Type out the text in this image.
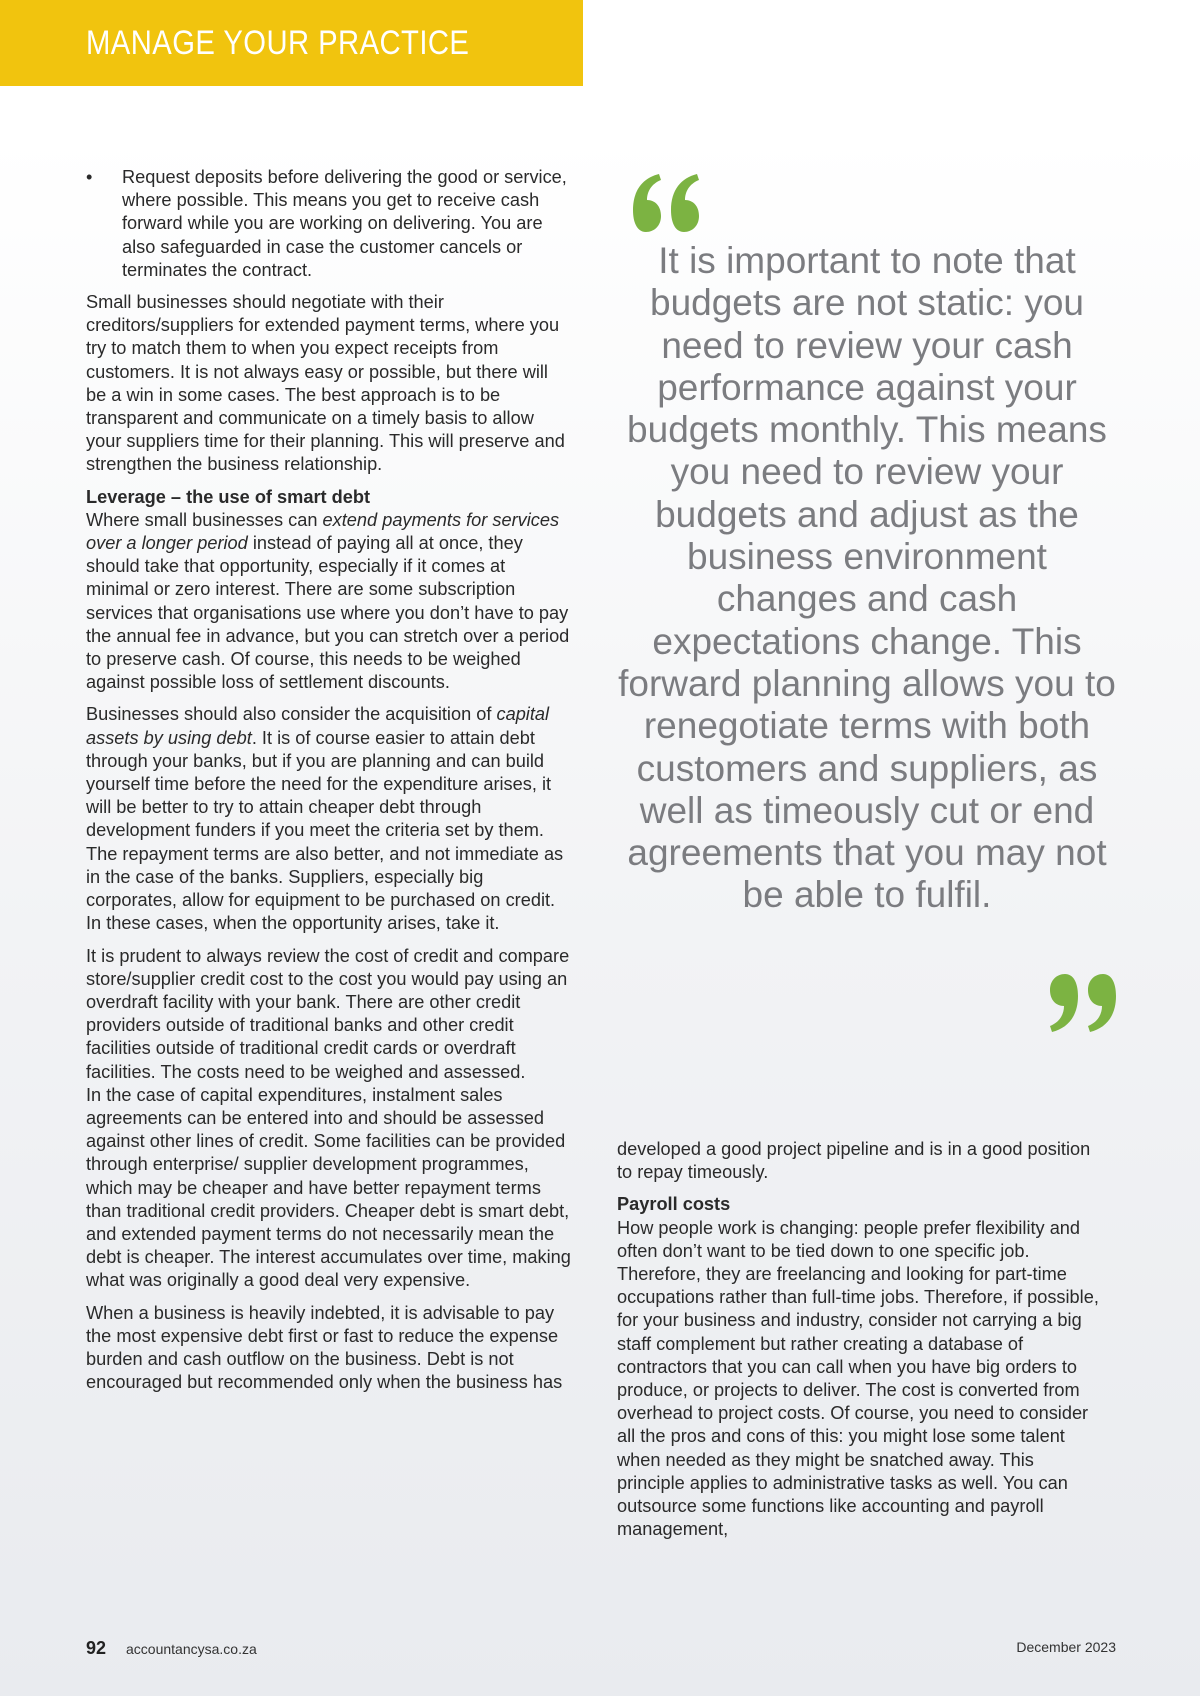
MANAGE YOUR PRACTICE
• Request deposits before delivering the good or service, where possible. This means you get to receive cash forward while you are working on delivering. You are also safeguarded in case the customer cancels or terminates the contract.

Small businesses should negotiate with their creditors/suppliers for extended payment terms, where you try to match them to when you expect receipts from customers. It is not always easy or possible, but there will be a win in some cases. The best approach is to be transparent and communicate on a timely basis to allow your suppliers time for their planning. This will preserve and strengthen the business relationship.

Leverage – the use of smart debt

Where small businesses can extend payments for services over a longer period instead of paying all at once, they should take that opportunity, especially if it comes at minimal or zero interest. There are some subscription services that organisations use where you don’t have to pay the annual fee in advance, but you can stretch over a period to preserve cash. Of course, this needs to be weighed against possible loss of settlement discounts.

Businesses should also consider the acquisition of capital assets by using debt. It is of course easier to attain debt through your banks, but if you are planning and can build yourself time before the need for the expenditure arises, it will be better to try to attain cheaper debt through development funders if you meet the criteria set by them. The repayment terms are also better, and not immediate as in the case of the banks. Suppliers, especially big corporates, allow for equipment to be purchased on credit. In these cases, when the opportunity arises, take it.

It is prudent to always review the cost of credit and compare store/supplier credit cost to the cost you would pay using an overdraft facility with your bank. There are other credit providers outside of traditional banks and other credit facilities outside of traditional credit cards or overdraft facilities. The costs need to be weighed and assessed.

In the case of capital expenditures, instalment sales agreements can be entered into and should be assessed against other lines of credit. Some facilities can be provided through enterprise/ supplier development programmes, which may be cheaper and have better repayment terms than traditional credit providers. Cheaper debt is smart debt, and extended payment terms do not necessarily mean the debt is cheaper. The interest accumulates over time, making what was originally a good deal very expensive.

When a business is heavily indebted, it is advisable to pay the most expensive debt first or fast to reduce the expense burden and cash outflow on the business. Debt is not encouraged but recommended only when the business has

It is important to note that budgets are not static: you need to review your cash performance against your budgets monthly. This means you need to review your budgets and adjust as the business environment changes and cash expectations change. This forward planning allows you to renegotiate terms with both customers and suppliers, as well as timeously cut or end agreements that you may not be able to fulfil.

developed a good project pipeline and is in a good position to repay timeously.

Payroll costs

How people work is changing: people prefer flexibility and often don’t want to be tied down to one specific job. Therefore, they are freelancing and looking for part-time occupations rather than full-time jobs. Therefore, if possible, for your business and industry, consider not carrying a big staff complement but rather creating a database of contractors that you can call when you have big orders to produce, or projects to deliver. The cost is converted from overhead to project costs. Of course, you need to consider all the pros and cons of this: you might lose some talent when needed as they might be snatched away. This principle applies to administrative tasks as well. You can outsource some functions like accounting and payroll management,

92 accountancysa.co.za	December 2023
